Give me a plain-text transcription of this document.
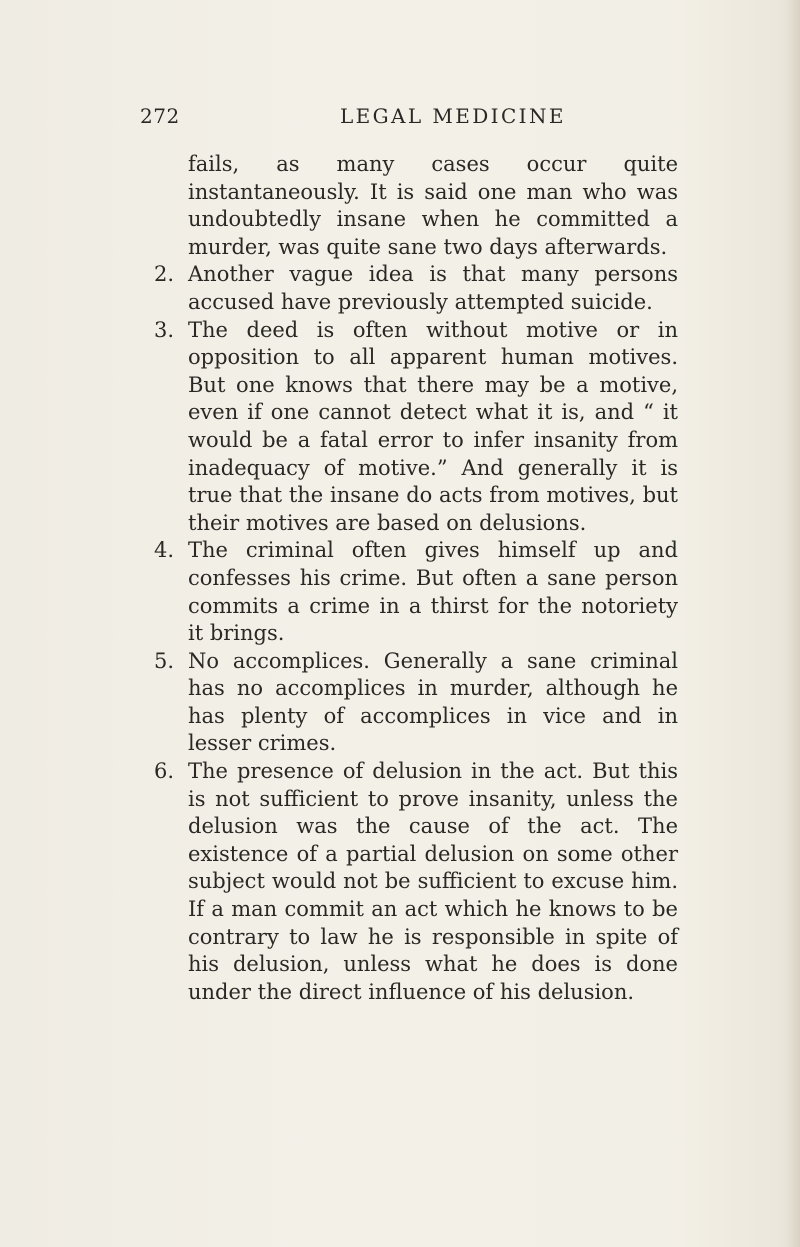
272	LEGAL MEDICINE

fails, as many cases occur quite instantaneously. It is said one man who was undoubtedly insane when he committed a murder, was quite sane two days afterwards.

2. Another vague idea is that many persons accused have previously attempted suicide.
3. The deed is often without motive or in opposition to all apparent human motives. But one knows that there may be a motive, even if one cannot detect what it is, and “ it would be a fatal error to infer insanity from inadequacy of motive.” And generally it is true that the insane do acts from motives, but their motives are based on delusions.
4. The criminal often gives himself up and confesses his crime. But often a sane person commits a crime in a thirst for the notoriety it brings.
5. No accomplices. Generally a sane criminal has no accomplices in murder, although he has plenty of accomplices in vice and in lesser crimes.
6. The presence of delusion in the act. But this is not sufficient to prove insanity, unless the delusion was the cause of the act. The existence of a partial delusion on some other subject would not be sufficient to excuse him. If a man commit an act which he knows to be contrary to law he is responsible in spite of his delusion, unless what he does is done under the direct influence of his delusion.
